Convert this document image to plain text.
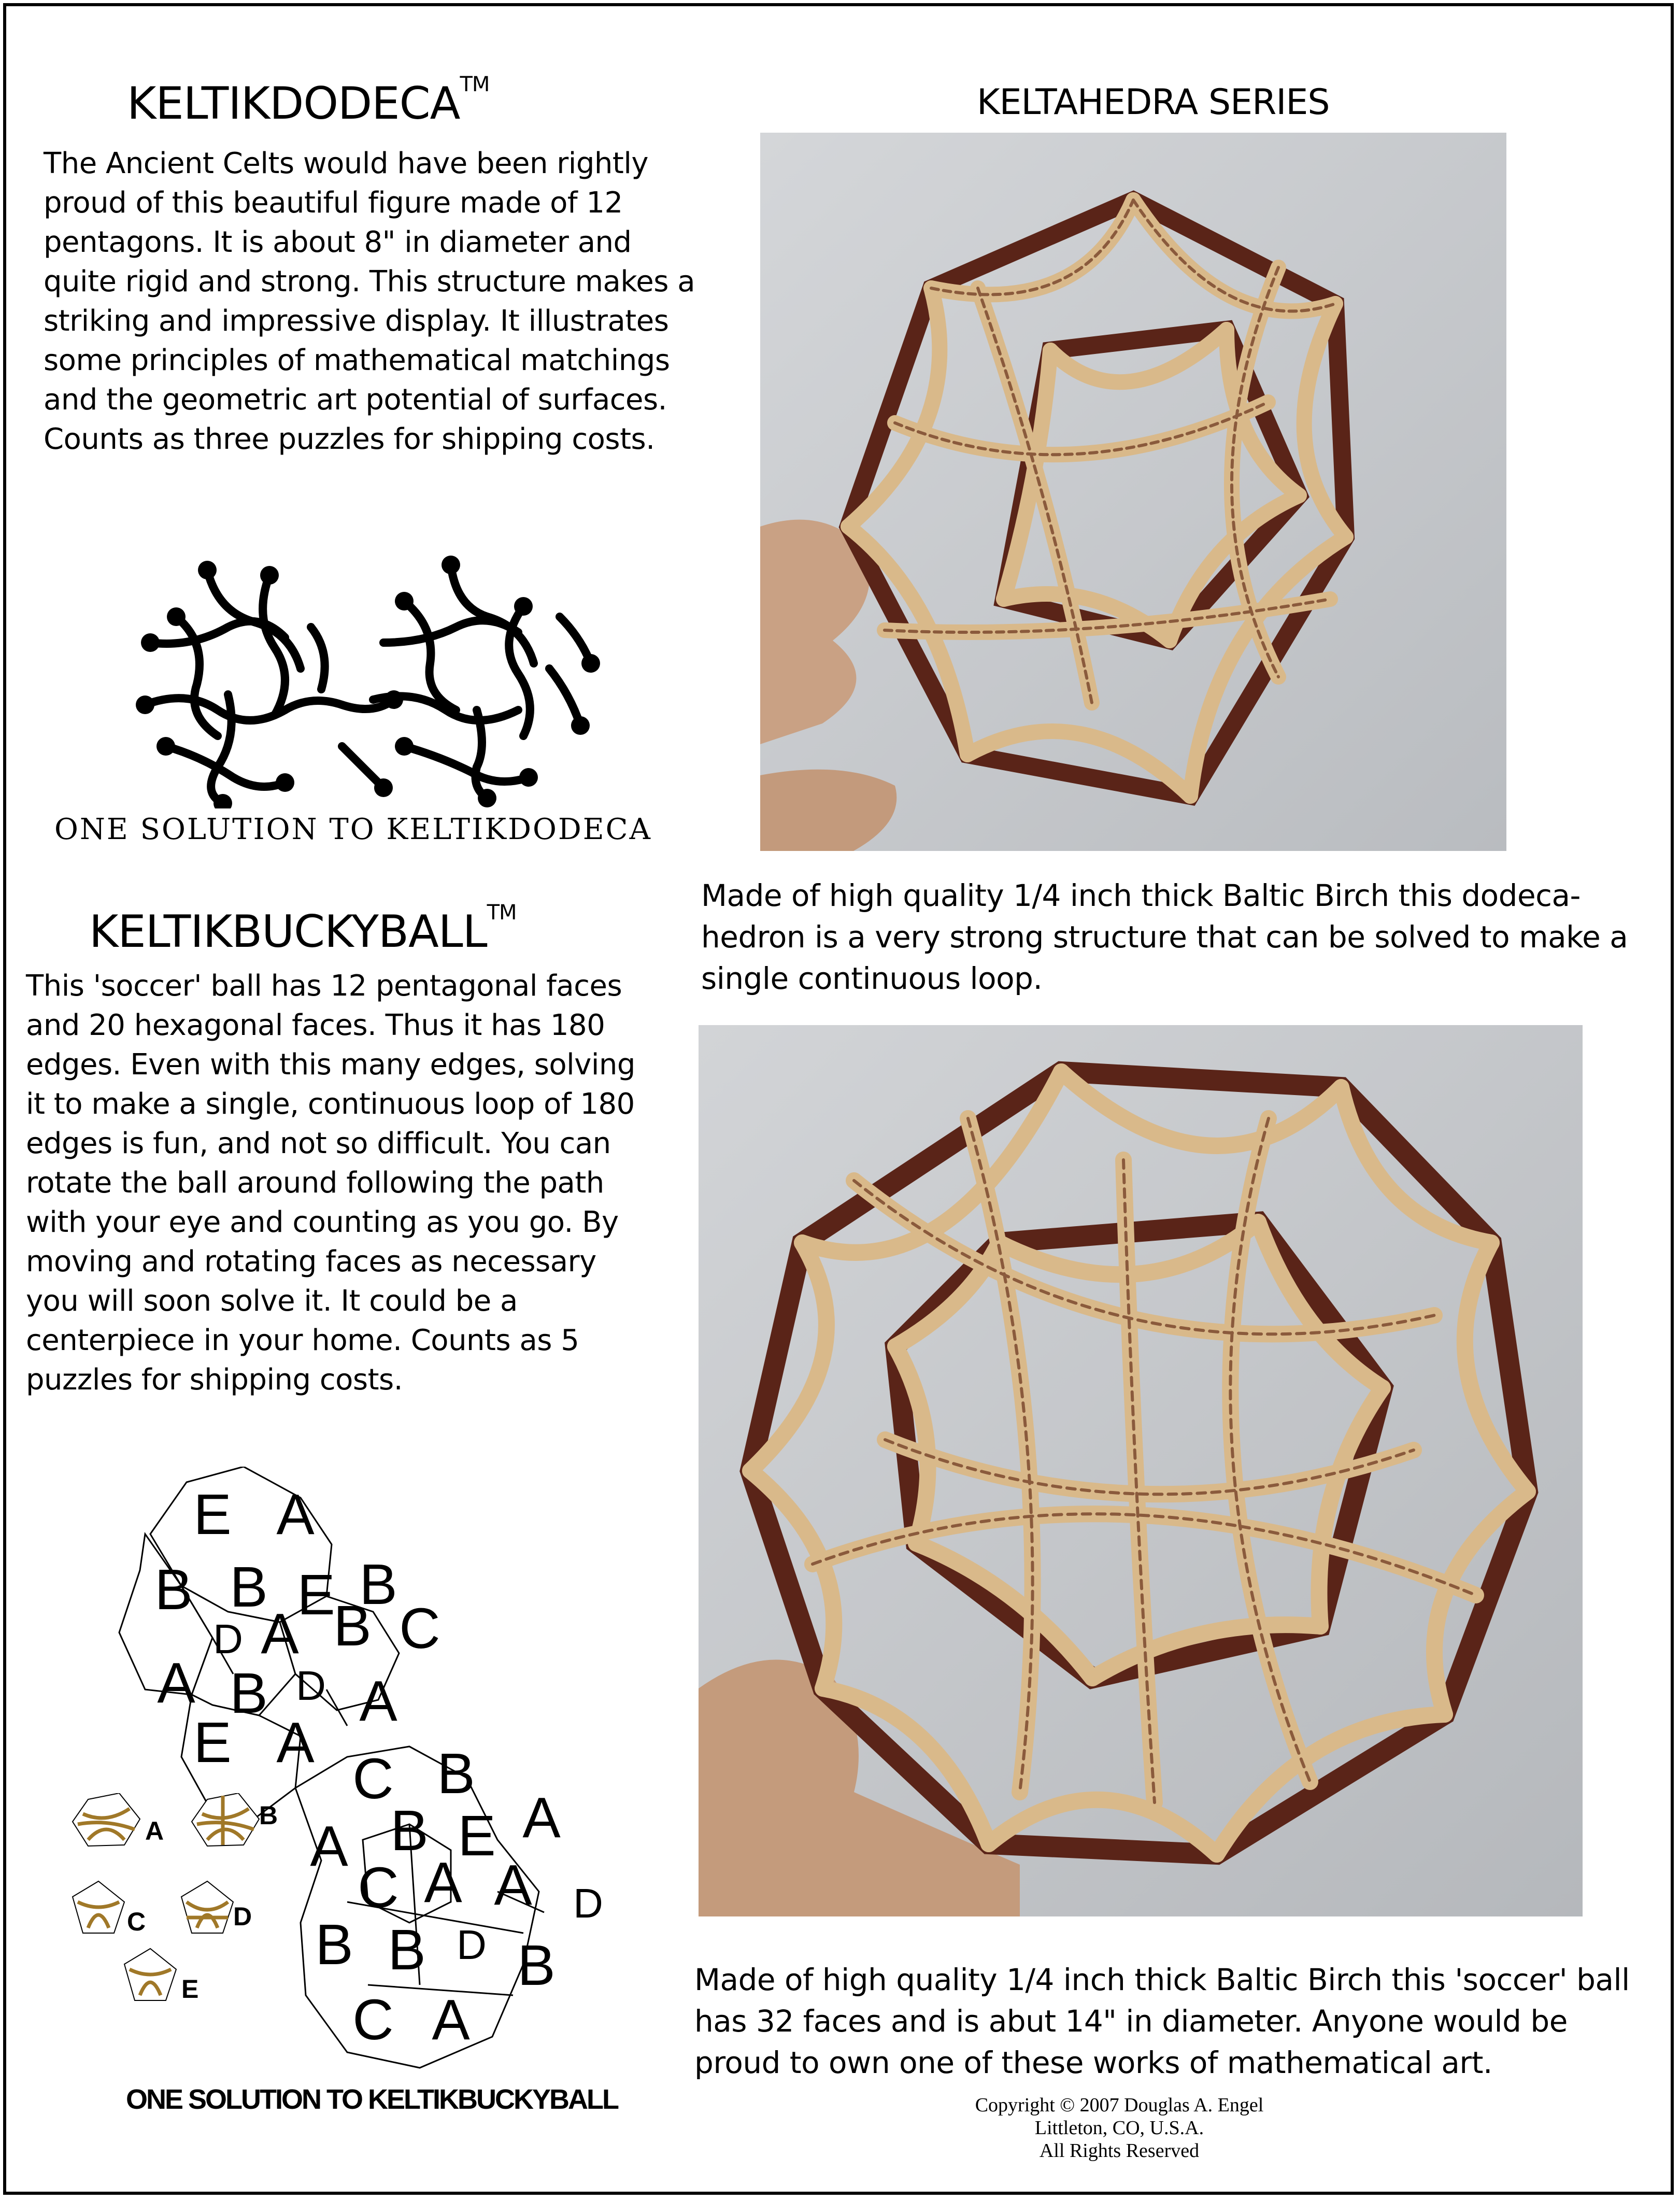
KELTIKDODECA™
The Ancient Celts would have been rightly proud of this beautiful figure made of 12 pentagons. It is about 8" in diameter and quite rigid and strong. This structure makes a striking and impressive display. It illustrates some principles of mathematical matchings and the geometric art potential of surfaces. Counts as three puzzles for shipping costs.
ONE SOLUTION TO KELTIKDODECA
KELTAHEDRA SERIES
Made of high quality 1/4 inch thick Baltic Birch this dodeca-hedron is a very strong structure that can be solved to make a single continuous loop.
KELTIKBUCKYBALL™
This 'soccer' ball has 12 pentagonal faces and 20 hexagonal faces. Thus it has 180 edges. Even with this many edges, solving it to make a single, continuous loop of 180 edges is fun, and not so difficult. You can rotate the ball around following the path with your eye and counting as you go. By moving and rotating faces as necessary you will soon solve it. It could be a centerpiece in your home. Counts as 5 puzzles for shipping costs.
E A
B B E B
D A B C
A B D A
E A
C B
A B E A
C A A D
B B D B
C A
A
B
C	D
E
ONE SOLUTION TO KELTIKBUCKYBALL
Made of high quality 1/4 inch thick Baltic Birch this 'soccer' ball has 32 faces and is abut 14" in diameter. Anyone would be proud to own one of these works of mathematical art.
Copyright © 2007 Douglas A. Engel
Littleton, CO, U.S.A.
All Rights Reserved
